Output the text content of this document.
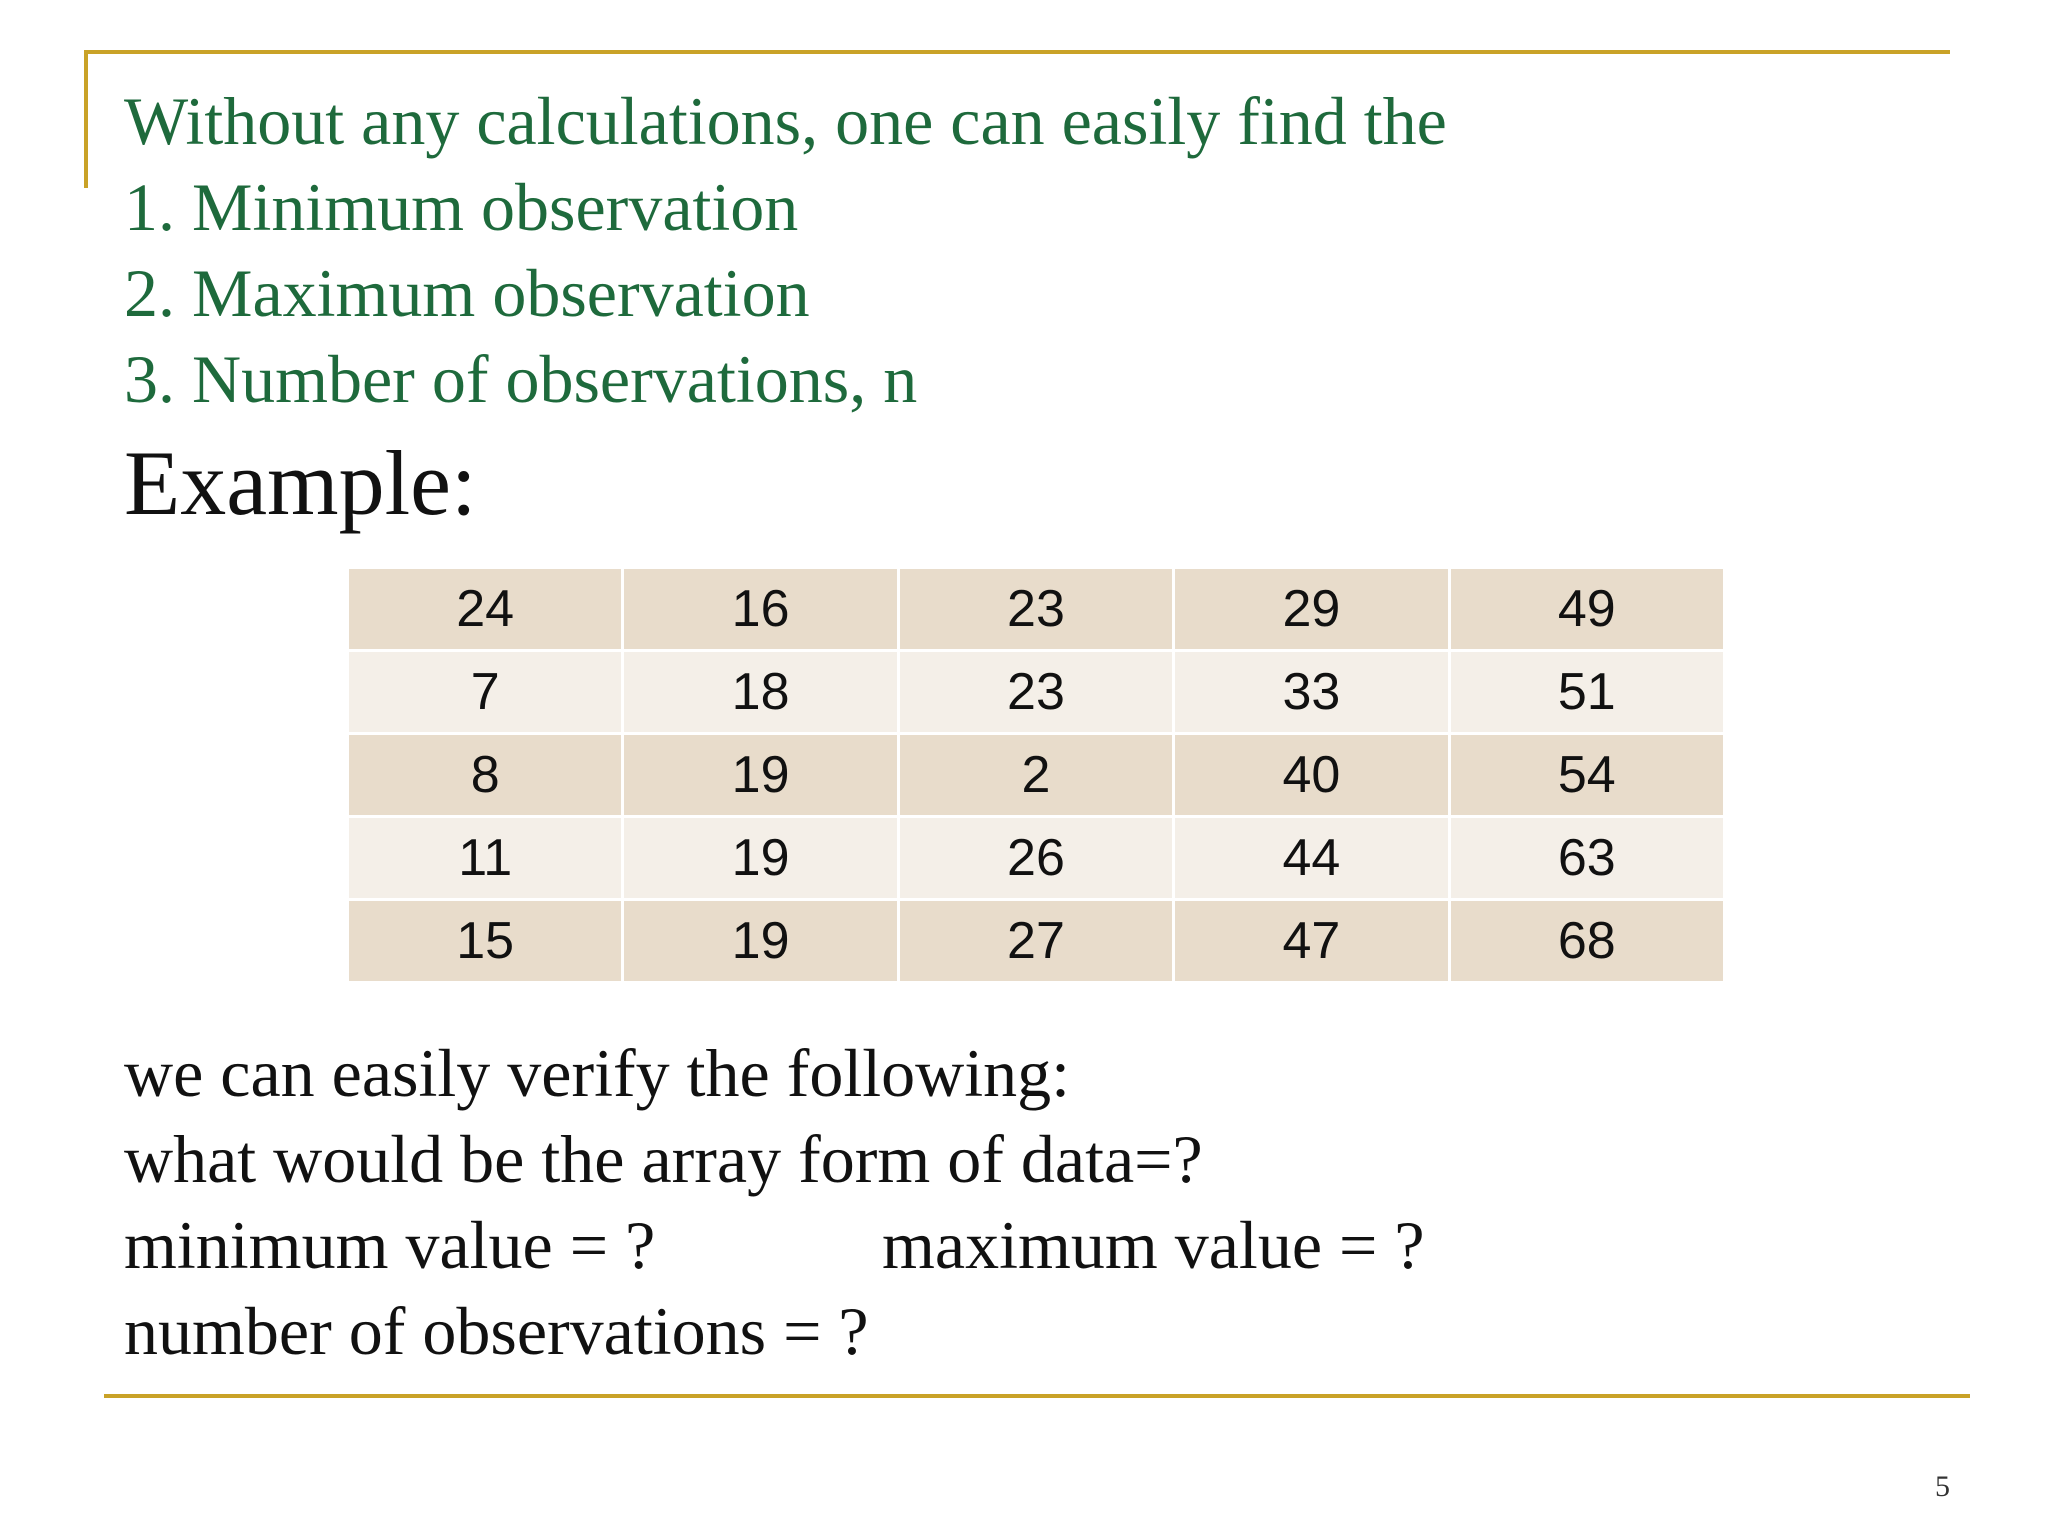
Without any calculations, one can easily find the
1. Minimum observation
2. Maximum observation
3. Number of observations, n
Example:
24	16	23	29	49
7	18	23	33	51
8	19	2	40	54
11	19	26	44	63
15	19	27	47	68
we can easily verify the following:
what would be the array form of data=?
minimum value = ?	maximum value = ?
number of observations = ?
5
